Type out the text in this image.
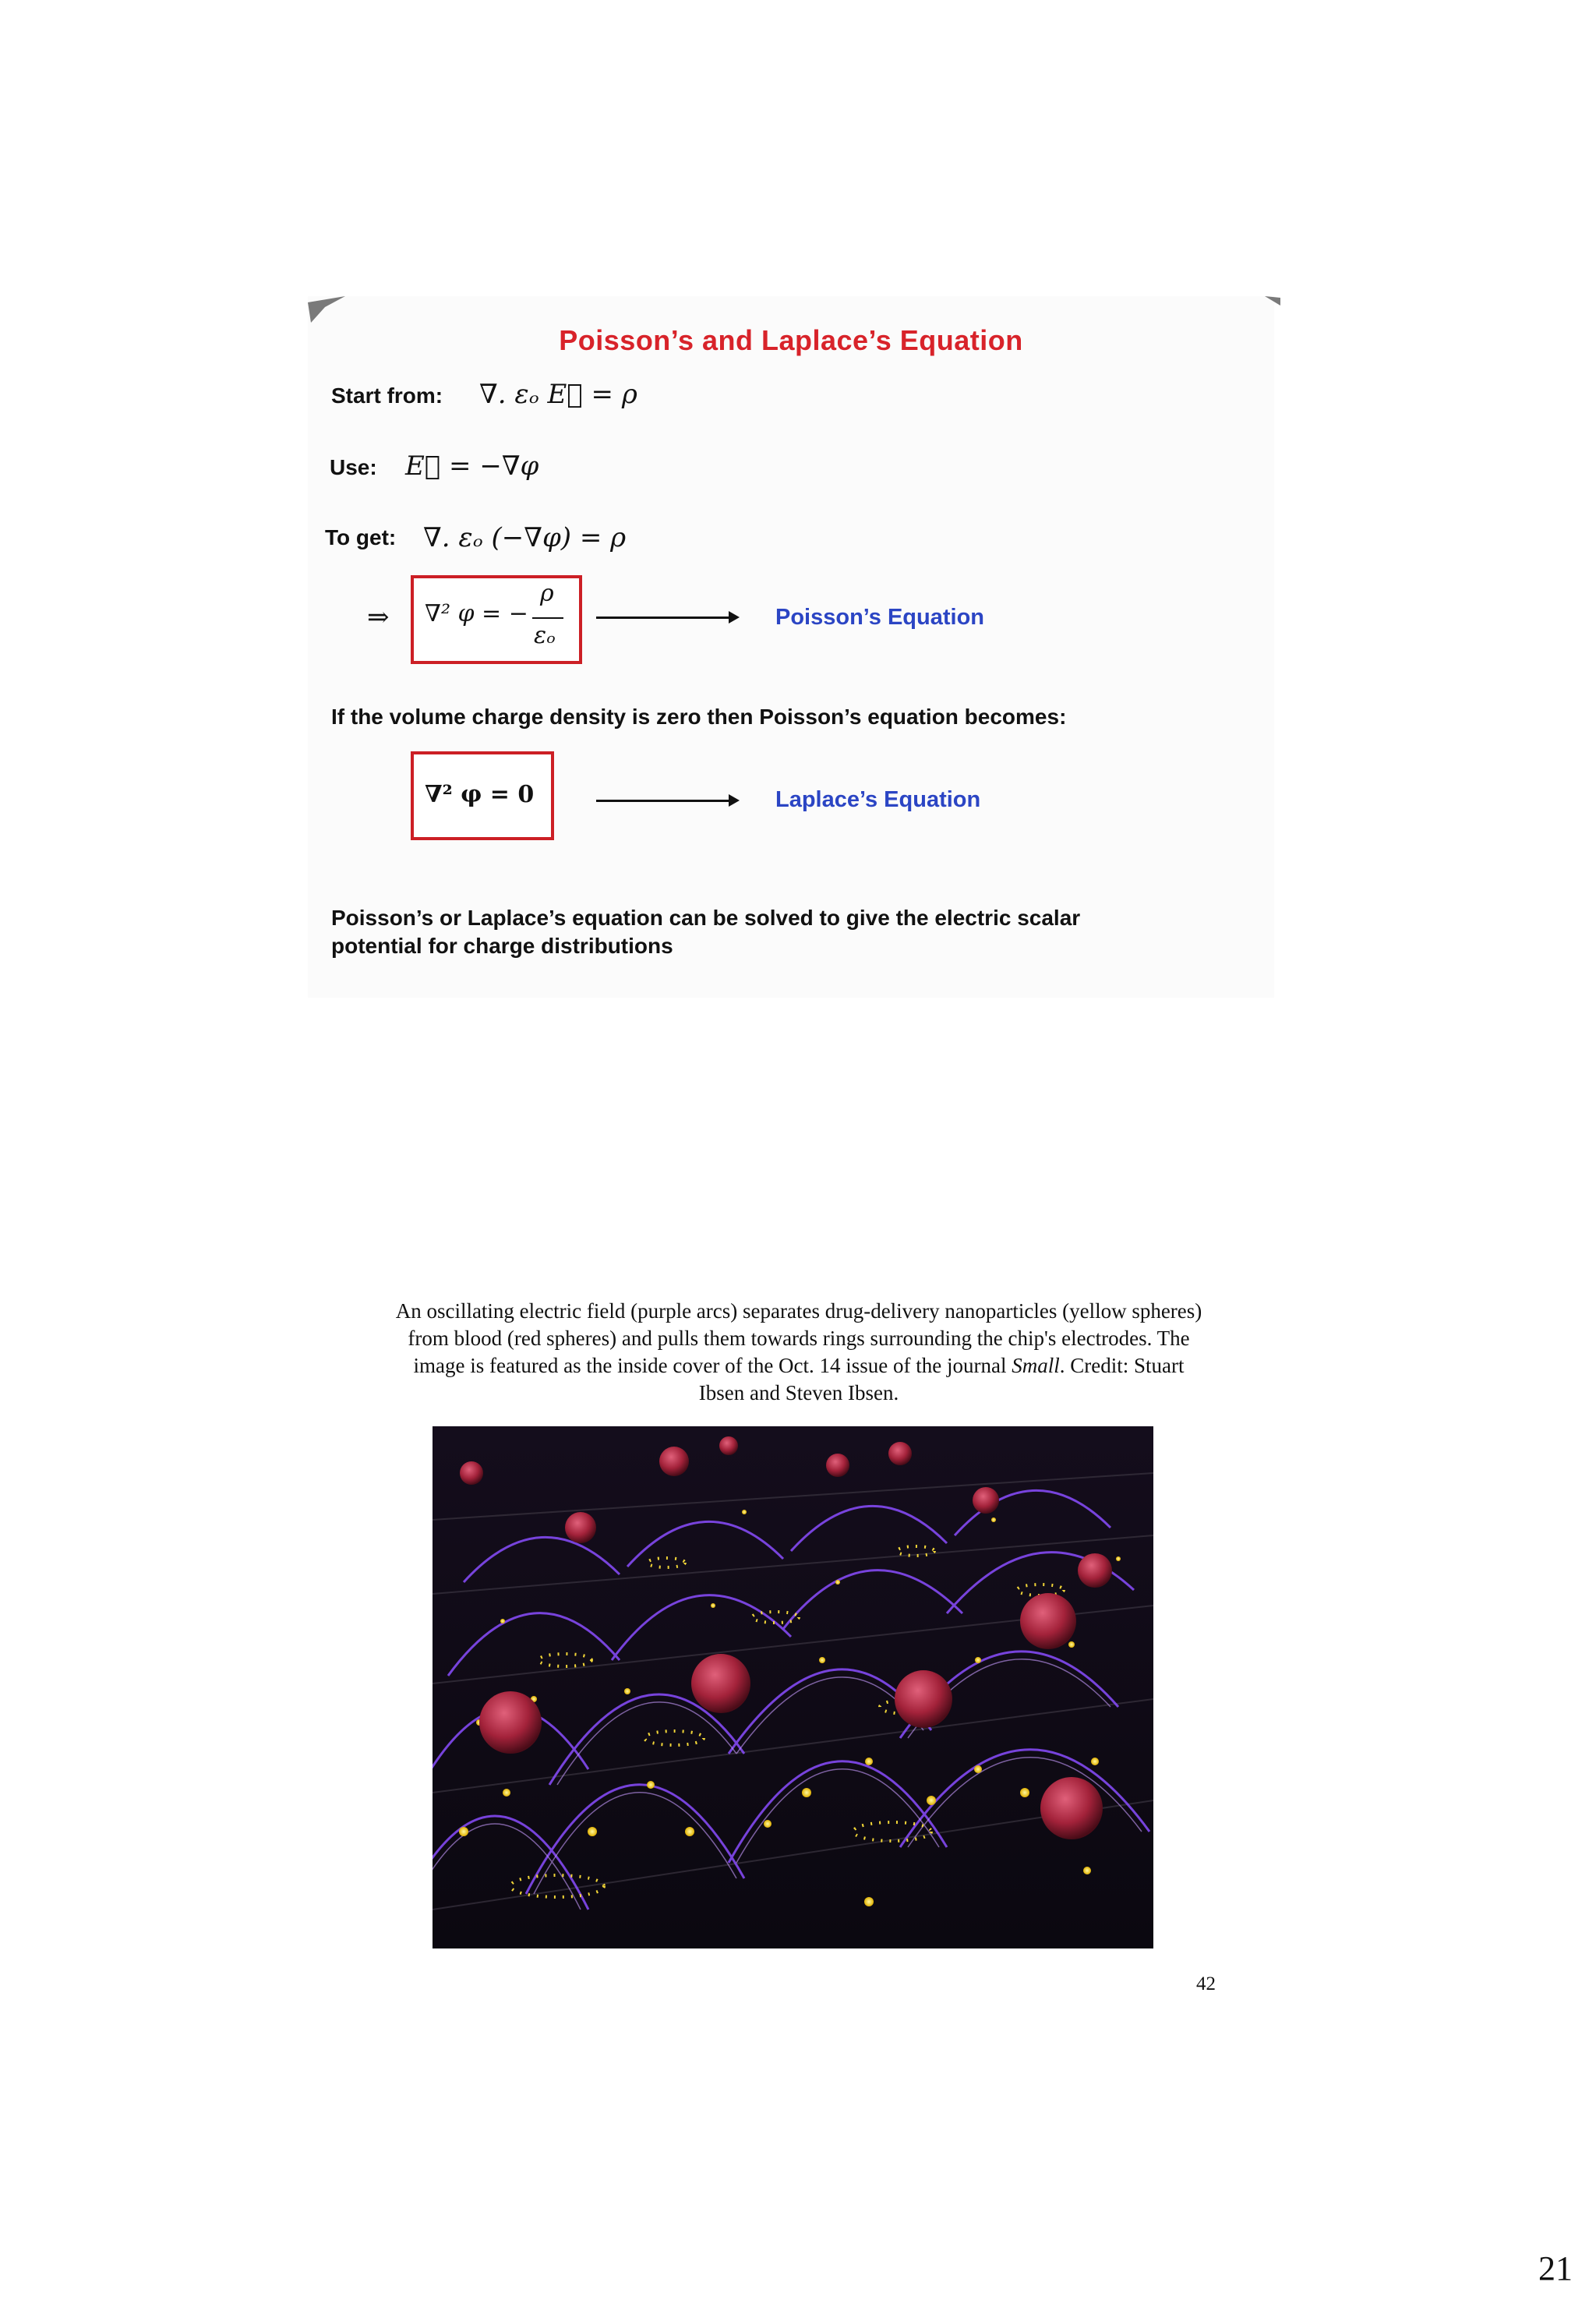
Poisson’s and Laplace’s Equation
Start from: ∇. εₒ E⃗ = ρ
Use: E⃗ = −∇φ
To get: ∇. εₒ (−∇φ) = ρ
⇒ ∇² φ = −
ρ
εₒ
Poisson’s Equation
If the volume charge density is zero then Poisson’s equation becomes:
∇² φ = 0	Laplace’s Equation
Poisson’s or Laplace’s equation can be solved to give the electric scalar
potential for charge distributions
An oscillating electric field (purple arcs) separates drug-delivery nanoparticles (yellow spheres) from blood (red spheres) and pulls them towards rings surrounding the chip's electrodes. The image is featured as the inside cover of the Oct. 14 issue of the journal Small. Credit: Stuart Ibsen and Steven Ibsen.
42
21
